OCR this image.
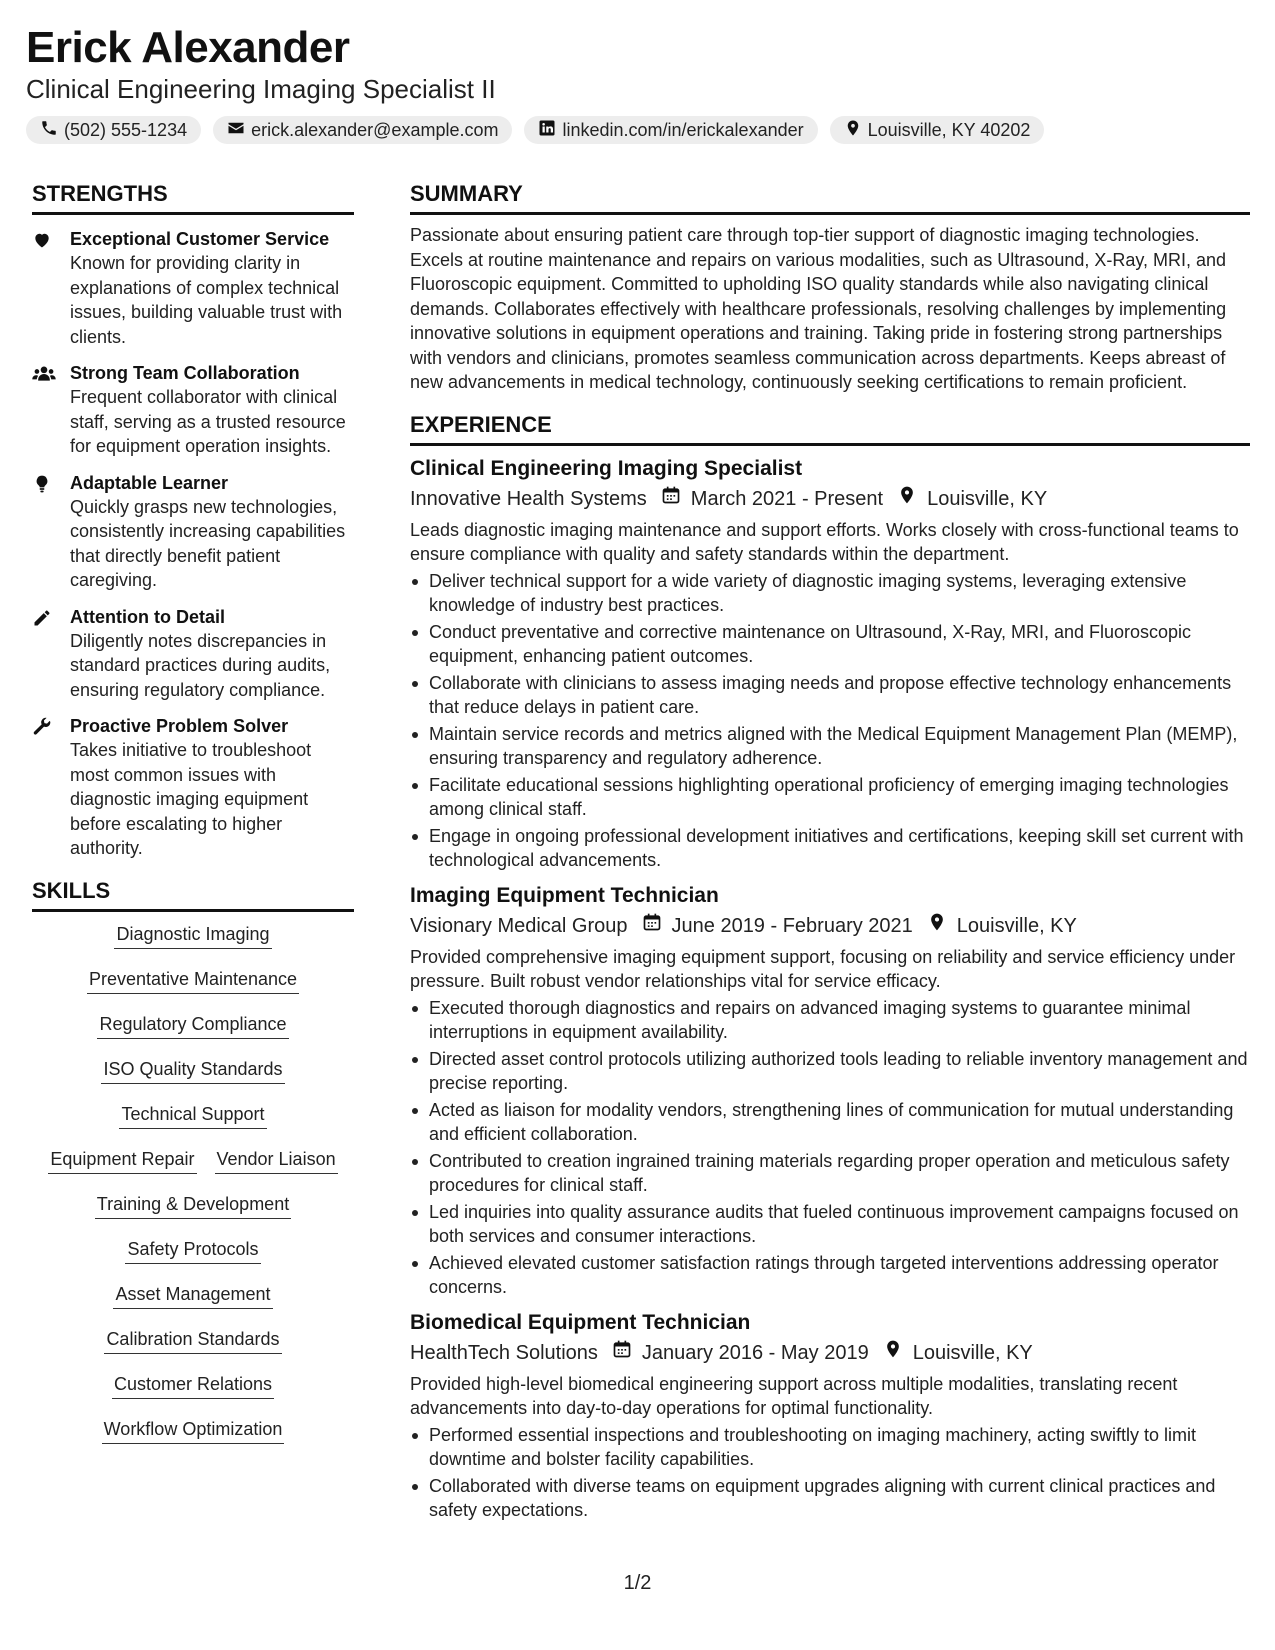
Erick Alexander
Clinical Engineering Imaging Specialist II
(502) 555-1234	erick.alexander@example.com	linkedin.com/in/erickalexander	Louisville, KY 40202
STRENGTHS
Exceptional Customer Service
Known for providing clarity in explanations of complex technical issues, building valuable trust with clients.
Strong Team Collaboration
Frequent collaborator with clinical staff, serving as a trusted resource for equipment operation insights.
Adaptable Learner
Quickly grasps new technologies, consistently increasing capabilities that directly benefit patient caregiving.
Attention to Detail
Diligently notes discrepancies in standard practices during audits, ensuring regulatory compliance.
Proactive Problem Solver
Takes initiative to troubleshoot most common issues with diagnostic imaging equipment before escalating to higher authority.
SKILLS
Diagnostic Imaging
Preventative Maintenance
Regulatory Compliance
ISO Quality Standards
Technical Support
Equipment Repair Vendor Liaison
Training & Development
Safety Protocols
Asset Management
Calibration Standards
Customer Relations
Workflow Optimization
SUMMARY
Passionate about ensuring patient care through top-tier support of diagnostic imaging technologies. Excels at routine maintenance and repairs on various modalities, such as Ultrasound, X-Ray, MRI, and Fluoroscopic equipment. Committed to upholding ISO quality standards while also navigating clinical demands. Collaborates effectively with healthcare professionals, resolving challenges by implementing innovative solutions in equipment operations and training. Taking pride in fostering strong partnerships with vendors and clinicians, promotes seamless communication across departments. Keeps abreast of new advancements in medical technology, continuously seeking certifications to remain proficient.
EXPERIENCE
Clinical Engineering Imaging Specialist
Innovative Health Systems March 2021 - Present Louisville, KY
Leads diagnostic imaging maintenance and support efforts. Works closely with cross-functional teams to ensure compliance with quality and safety standards within the department.
Deliver technical support for a wide variety of diagnostic imaging systems, leveraging extensive knowledge of industry best practices.
Conduct preventative and corrective maintenance on Ultrasound, X-Ray, MRI, and Fluoroscopic equipment, enhancing patient outcomes.
Collaborate with clinicians to assess imaging needs and propose effective technology enhancements that reduce delays in patient care.
Maintain service records and metrics aligned with the Medical Equipment Management Plan (MEMP), ensuring transparency and regulatory adherence.
Facilitate educational sessions highlighting operational proficiency of emerging imaging technologies among clinical staff.
Engage in ongoing professional development initiatives and certifications, keeping skill set current with technological advancements.
Imaging Equipment Technician
Visionary Medical Group June 2019 - February 2021 Louisville, KY
Provided comprehensive imaging equipment support, focusing on reliability and service efficiency under pressure. Built robust vendor relationships vital for service efficacy.
Executed thorough diagnostics and repairs on advanced imaging systems to guarantee minimal interruptions in equipment availability.
Directed asset control protocols utilizing authorized tools leading to reliable inventory management and precise reporting.
Acted as liaison for modality vendors, strengthening lines of communication for mutual understanding and efficient collaboration.
Contributed to creation ingrained training materials regarding proper operation and meticulous safety procedures for clinical staff.
Led inquiries into quality assurance audits that fueled continuous improvement campaigns focused on both services and consumer interactions.
Achieved elevated customer satisfaction ratings through targeted interventions addressing operator concerns.
Biomedical Equipment Technician
HealthTech Solutions January 2016 - May 2019 Louisville, KY
Provided high-level biomedical engineering support across multiple modalities, translating recent advancements into day-to-day operations for optimal functionality.
Performed essential inspections and troubleshooting on imaging machinery, acting swiftly to limit downtime and bolster facility capabilities.
Collaborated with diverse teams on equipment upgrades aligning with current clinical practices and safety expectations.
1/2
